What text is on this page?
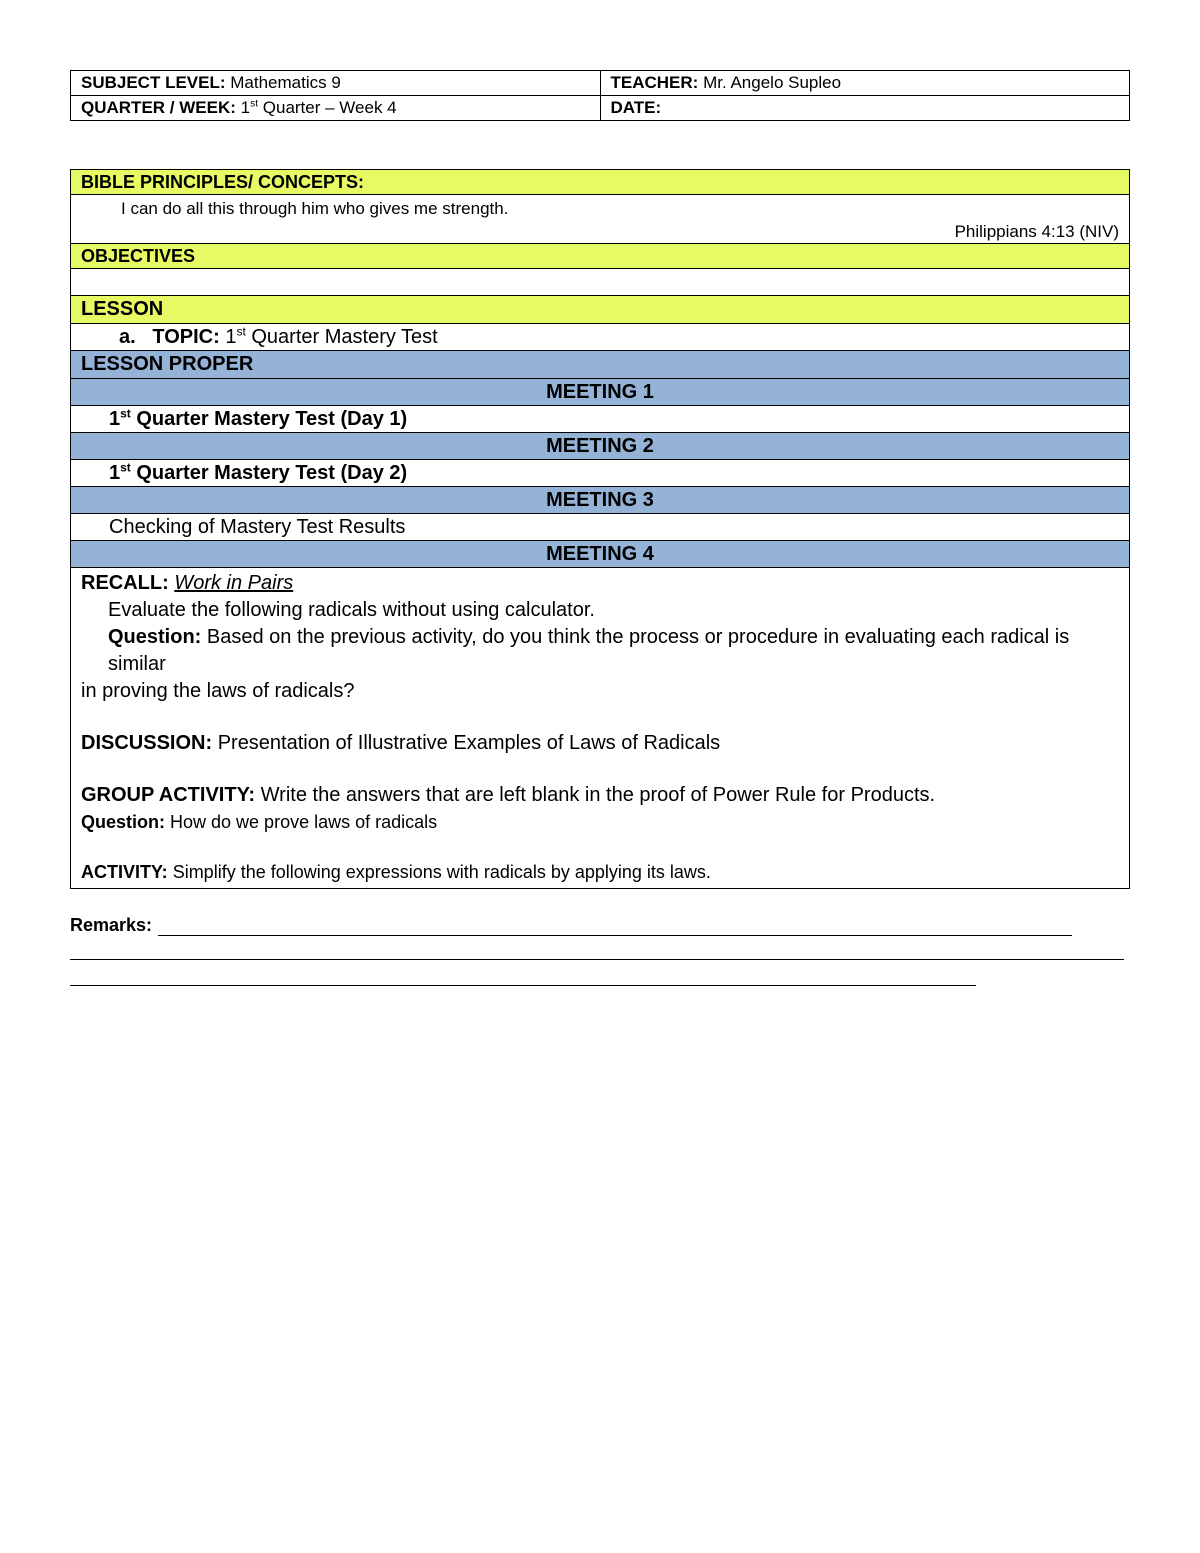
SUBJECT LEVEL: Mathematics 9	TEACHER: Mr. Angelo Supleo
QUARTER / WEEK: 1st Quarter – Week 4	DATE:
BIBLE PRINCIPLES/ CONCEPTS:

I can do all this through him who gives me strength.
Philippians 4:13 (NIV)

OBJECTIVES

LESSON
a. TOPIC: 1st Quarter Mastery Test
LESSON PROPER
MEETING 1
1st Quarter Mastery Test (Day 1)
MEETING 2
1st Quarter Mastery Test (Day 2)
MEETING 3
Checking of Mastery Test Results
MEETING 4

RECALL: Work in Pairs
Evaluate the following radicals without using calculator.
Question: Based on the previous activity, do you think the process or procedure in evaluating each radical is similar
in proving the laws of radicals?
DISCUSSION: Presentation of Illustrative Examples of Laws of Radicals
GROUP ACTIVITY: Write the answers that are left blank in the proof of Power Rule for Products.
Question: How do we prove laws of radicals
ACTIVITY: Simplify the following expressions with radicals by applying its laws.
Remarks:
